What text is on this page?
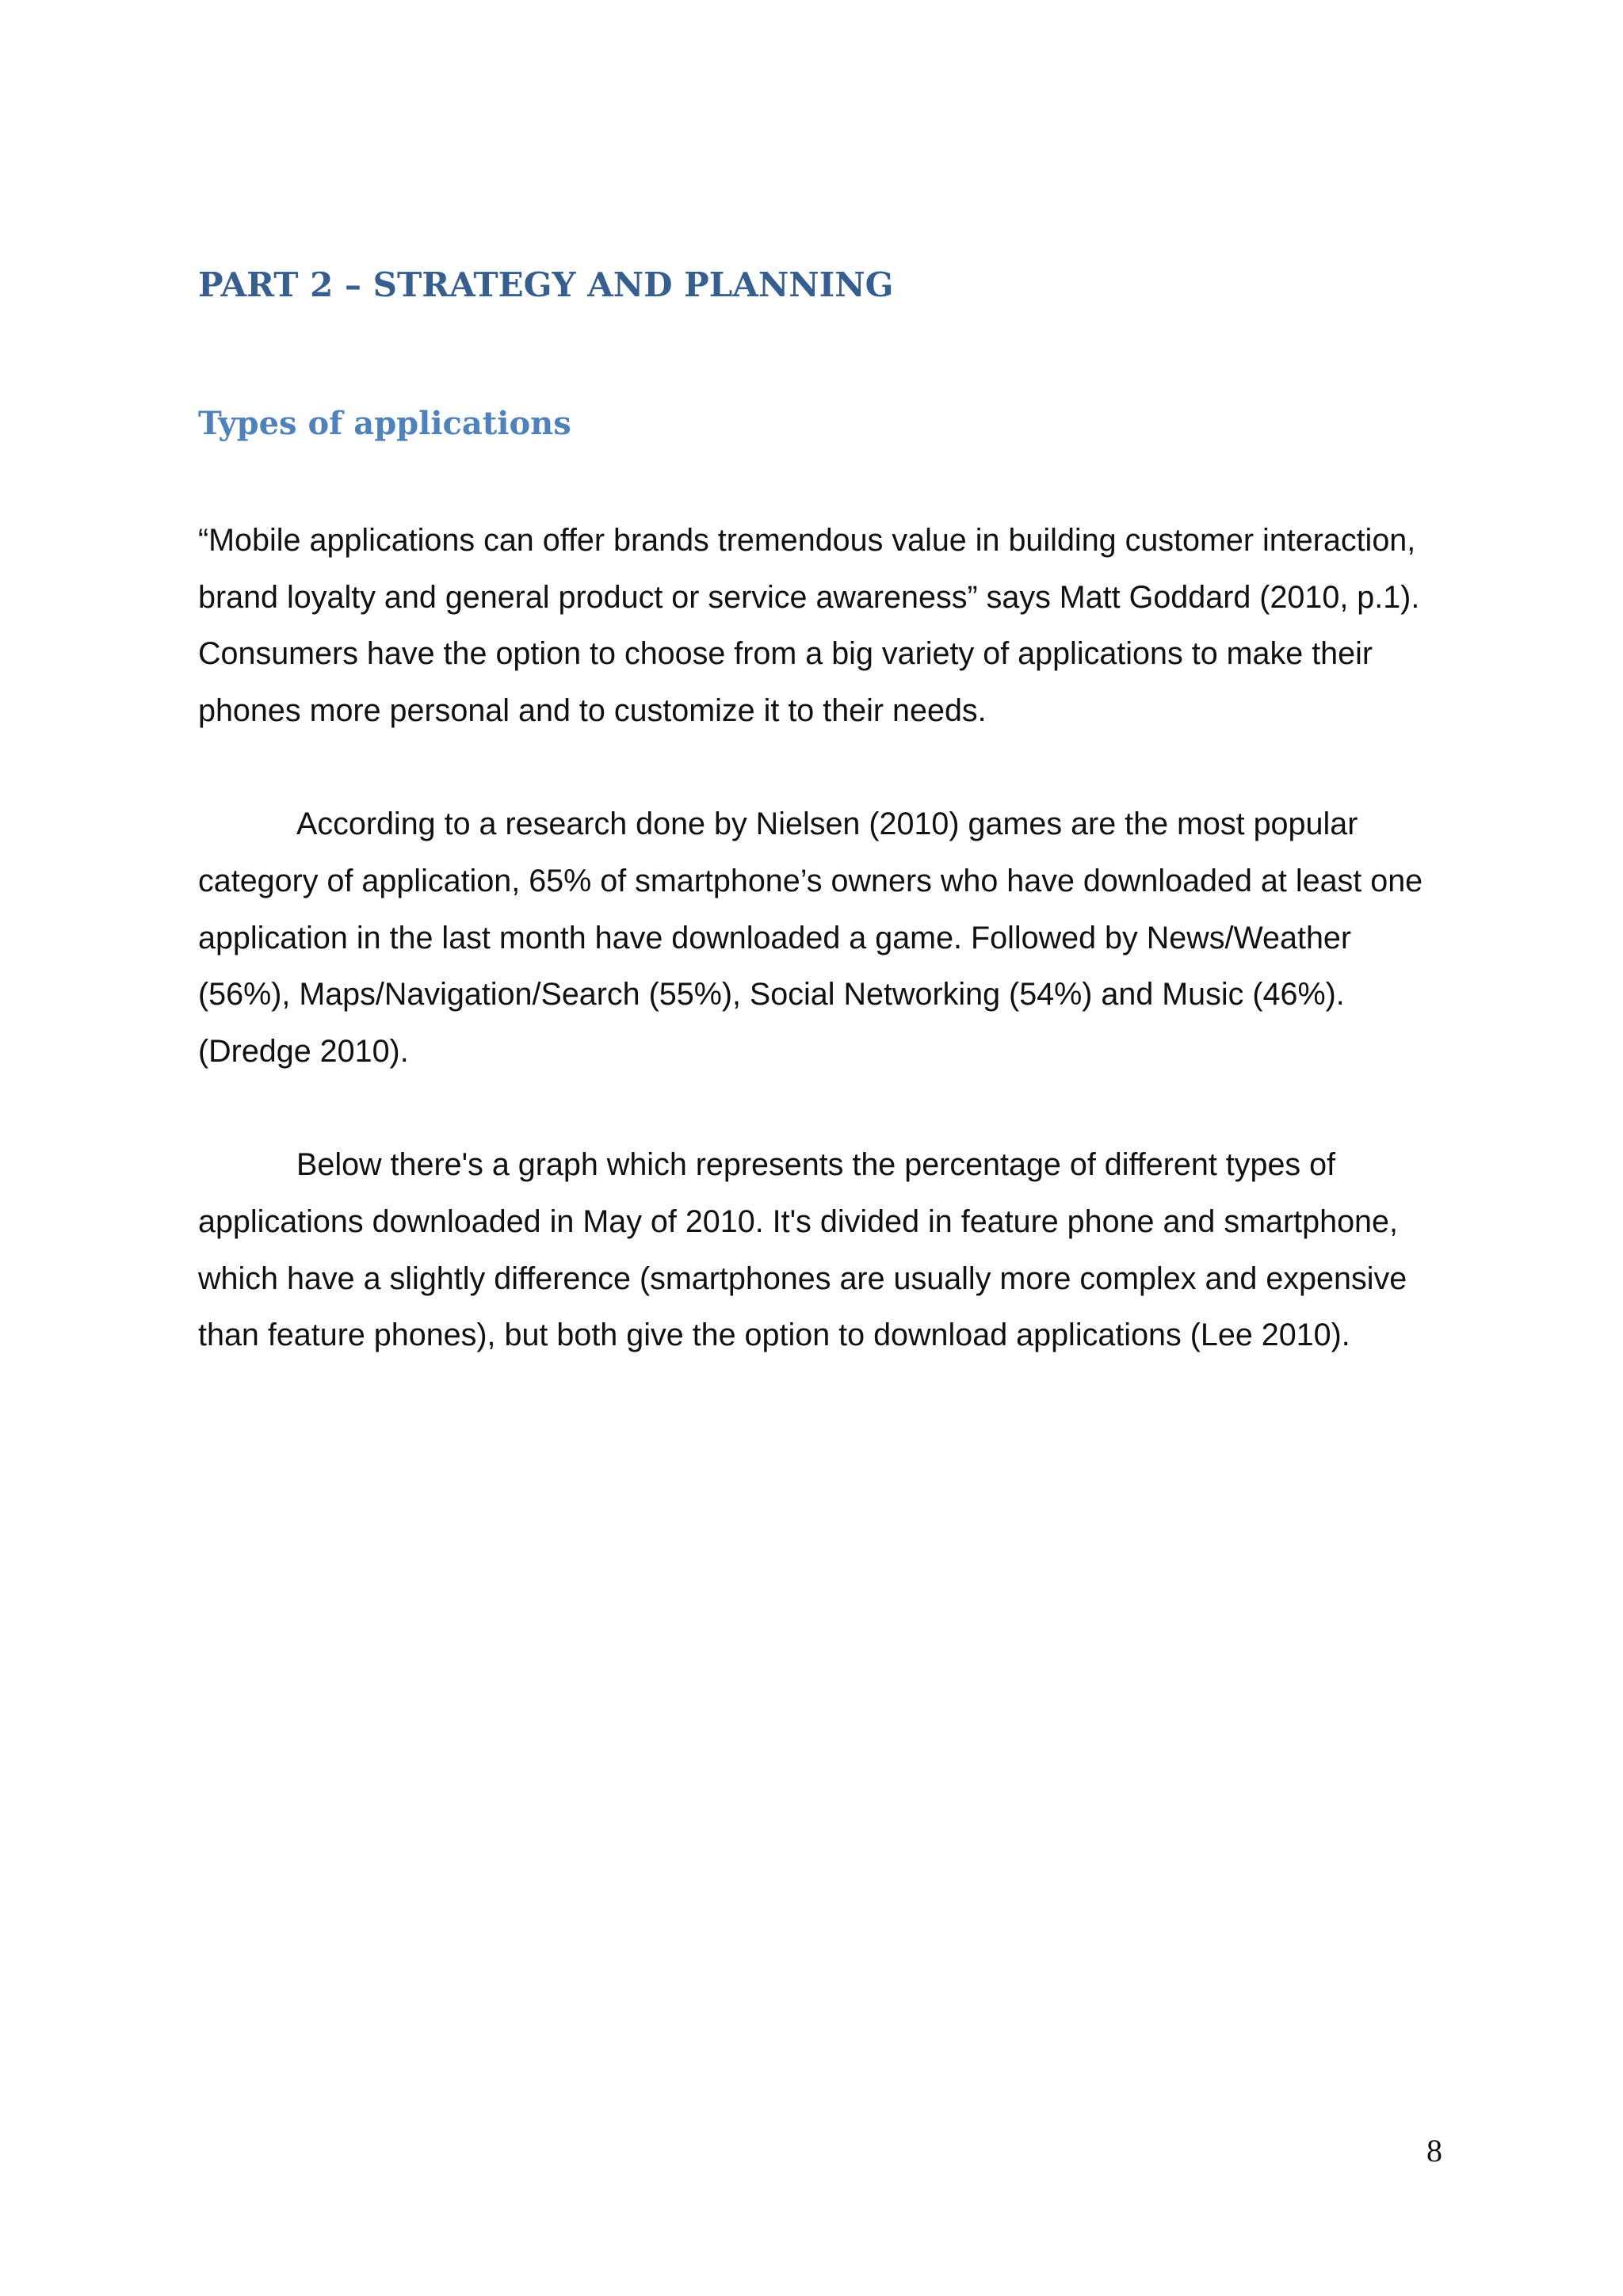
PART 2 – STRATEGY AND PLANNING
Types of applications

“Mobile applications can offer brands tremendous value in building customer interaction, brand loyalty and general product or service awareness” says Matt Goddard (2010, p.1). Consumers have the option to choose from a big variety of applications to make their phones more personal and to customize it to their needs.

According to a research done by Nielsen (2010) games are the most popular category of application, 65% of smartphone’s owners who have downloaded at least one application in the last month have downloaded a game. Followed by News/Weather (56%), Maps/Navigation/Search (55%), Social Networking (54%) and Music (46%). (Dredge 2010).

Below there's a graph which represents the percentage of different types of applications downloaded in May of 2010. It's divided in feature phone and smartphone, which have a slightly difference (smartphones are usually more complex and expensive than feature phones), but both give the option to download applications (Lee 2010).

8
